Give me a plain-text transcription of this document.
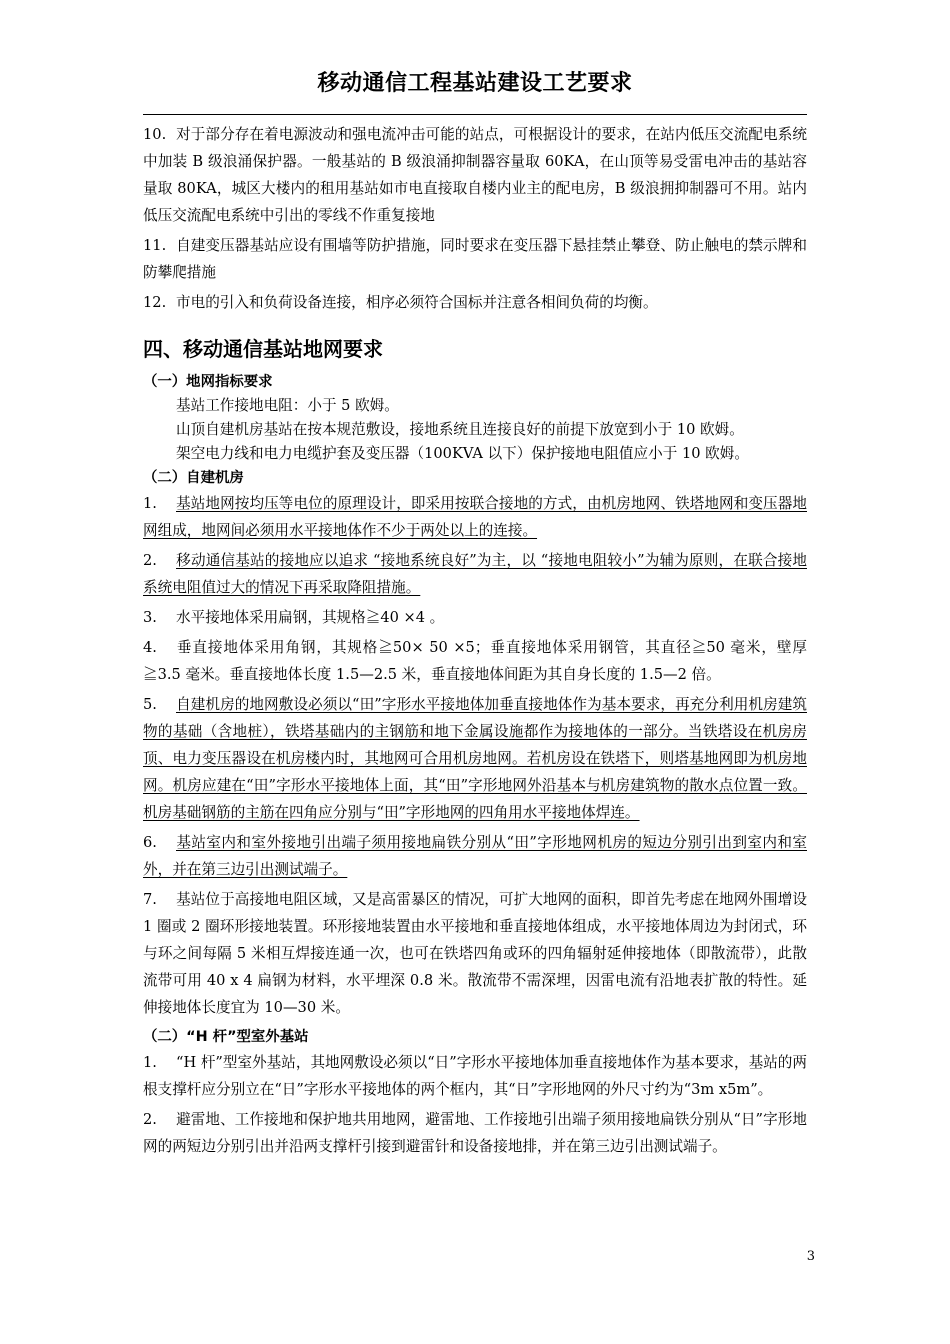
移动通信工程基站建设工艺要求

10. 对于部分存在着电源波动和强电流冲击可能的站点，可根据设计的要求，在站内低压交流配电系统中加装 B 级浪涌保护器。一般基站的 B 级浪涌抑制器容量取 60KA，在山顶等易受雷电冲击的基站容量取 80KA，城区大楼内的租用基站如市电直接取自楼内业主的配电房，B 级浪拥抑制器可不用。站内低压交流配电系统中引出的零线不作重复接地

11. 自建变压器基站应设有围墙等防护措施，同时要求在变压器下悬挂禁止攀登、防止触电的禁示牌和防攀爬措施

12. 市电的引入和负荷设备连接，相序必须符合国标并注意各相间负荷的均衡。

四、移动通信基站地网要求
（一）地网指标要求

基站工作接地电阻：小于 5 欧姆。

山顶自建机房基站在按本规范敷设，接地系统且连接良好的前提下放宽到小于 10 欧姆。

架空电力线和电力电缆护套及变压器（100KVA 以下）保护接地电阻值应小于 10 欧姆。

（二）自建机房

1. 基站地网按均压等电位的原理设计，即采用按联合接地的方式，由机房地网、铁塔地网和变压器地网组成，地网间必须用水平接地体作不少于两处以上的连接。

2. 移动通信基站的接地应以追求 “接地系统良好”为主，以 “接地电阻较小”为辅为原则，在联合接地系统电阻值过大的情况下再采取降阻措施。

3. 水平接地体采用扁钢，其规格≧40 ×4 。

4. 垂直接地体采用角钢，其规格≧50× 50 ×5；垂直接地体采用钢管，其直径≧50 毫米，壁厚≧3.5 毫米。垂直接地体长度 1.5—2.5 米，垂直接地体间距为其自身长度的 1.5—2 倍。

5. 自建机房的地网敷设必须以“田”字形水平接地体加垂直接地体作为基本要求，再充分利用机房建筑物的基础（含地桩），铁塔基础内的主钢筋和地下金属设施都作为接地体的一部分。当铁塔设在机房房顶、电力变压器设在机房楼内时，其地网可合用机房地网。若机房设在铁塔下，则塔基地网即为机房地网。机房应建在“田”字形水平接地体上面，其“田”字形地网外沿基本与机房建筑物的散水点位置一致。机房基础钢筋的主筋在四角应分别与“田”字形地网的四角用水平接地体焊连。

6. 基站室内和室外接地引出端子须用接地扁铁分别从“田”字形地网机房的短边分别引出到室内和室外，并在第三边引出测试端子。

7. 基站位于高接地电阻区域，又是高雷暴区的情况，可扩大地网的面积，即首先考虑在地网外围增设 1 圈或 2 圈环形接地装置。环形接地装置由水平接地和垂直接地体组成，水平接地体周边为封闭式，环与环之间每隔 5 米相互焊接连通一次，也可在铁塔四角或环的四角辐射延伸接地体（即散流带），此散流带可用 40 x 4 扁钢为材料，水平埋深 0.8 米。散流带不需深埋，因雷电流有沿地表扩散的特性。延伸接地体长度宜为 10—30 米。

（二）“H 杆”型室外基站

1. “H 杆”型室外基站，其地网敷设必须以“日”字形水平接地体加垂直接地体作为基本要求，基站的两根支撑杆应分别立在“日”字形水平接地体的两个框内，其“日”字形地网的外尺寸约为“3m x5m”。

2. 避雷地、工作接地和保护地共用地网，避雷地、工作接地引出端子须用接地扁铁分别从“日”字形地网的两短边分别引出并沿两支撑杆引接到避雷针和设备接地排，并在第三边引出测试端子。

3
